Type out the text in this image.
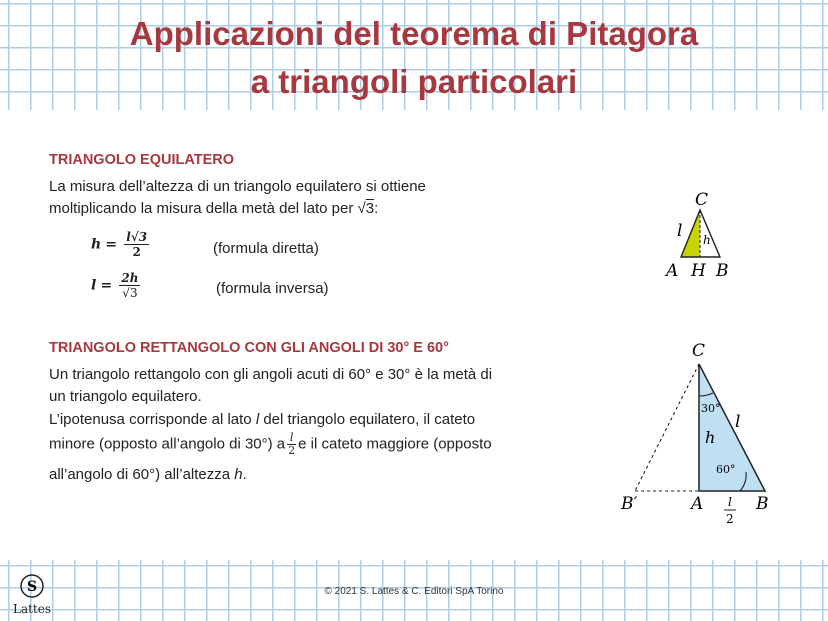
Applicazioni del teorema di Pitagora
a triangoli particolari
TRIANGOLO EQUILATERO
La misura dell’altezza di un triangolo equilatero si ottiene
moltiplicando la misura della metà del lato per √3:
$h = \frac{l√3}{2}$	(formula diretta)
$l = \frac{2h}{√3}$	(formula inversa)
C
l h
A H B
TRIANGOLO RETTANGOLO CON GLI ANGOLI DI 30° E 60°
Un triangolo rettangolo con gli angoli acuti di 60° e 30° è la metà di
un triangolo equilatero.
L’ipotenusa corrisponde al lato l del triangolo equilatero, il cateto
minore (opposto all’angolo di 30°) a $\frac{l}{2}$ e il cateto maggiore (opposto
all’angolo di 60°) all’altezza h.
C
30°
l
h
60°
B′	A	B
l
2
S
Lattes
© 2021 S. Lattes & C. Editori SpA Torino
